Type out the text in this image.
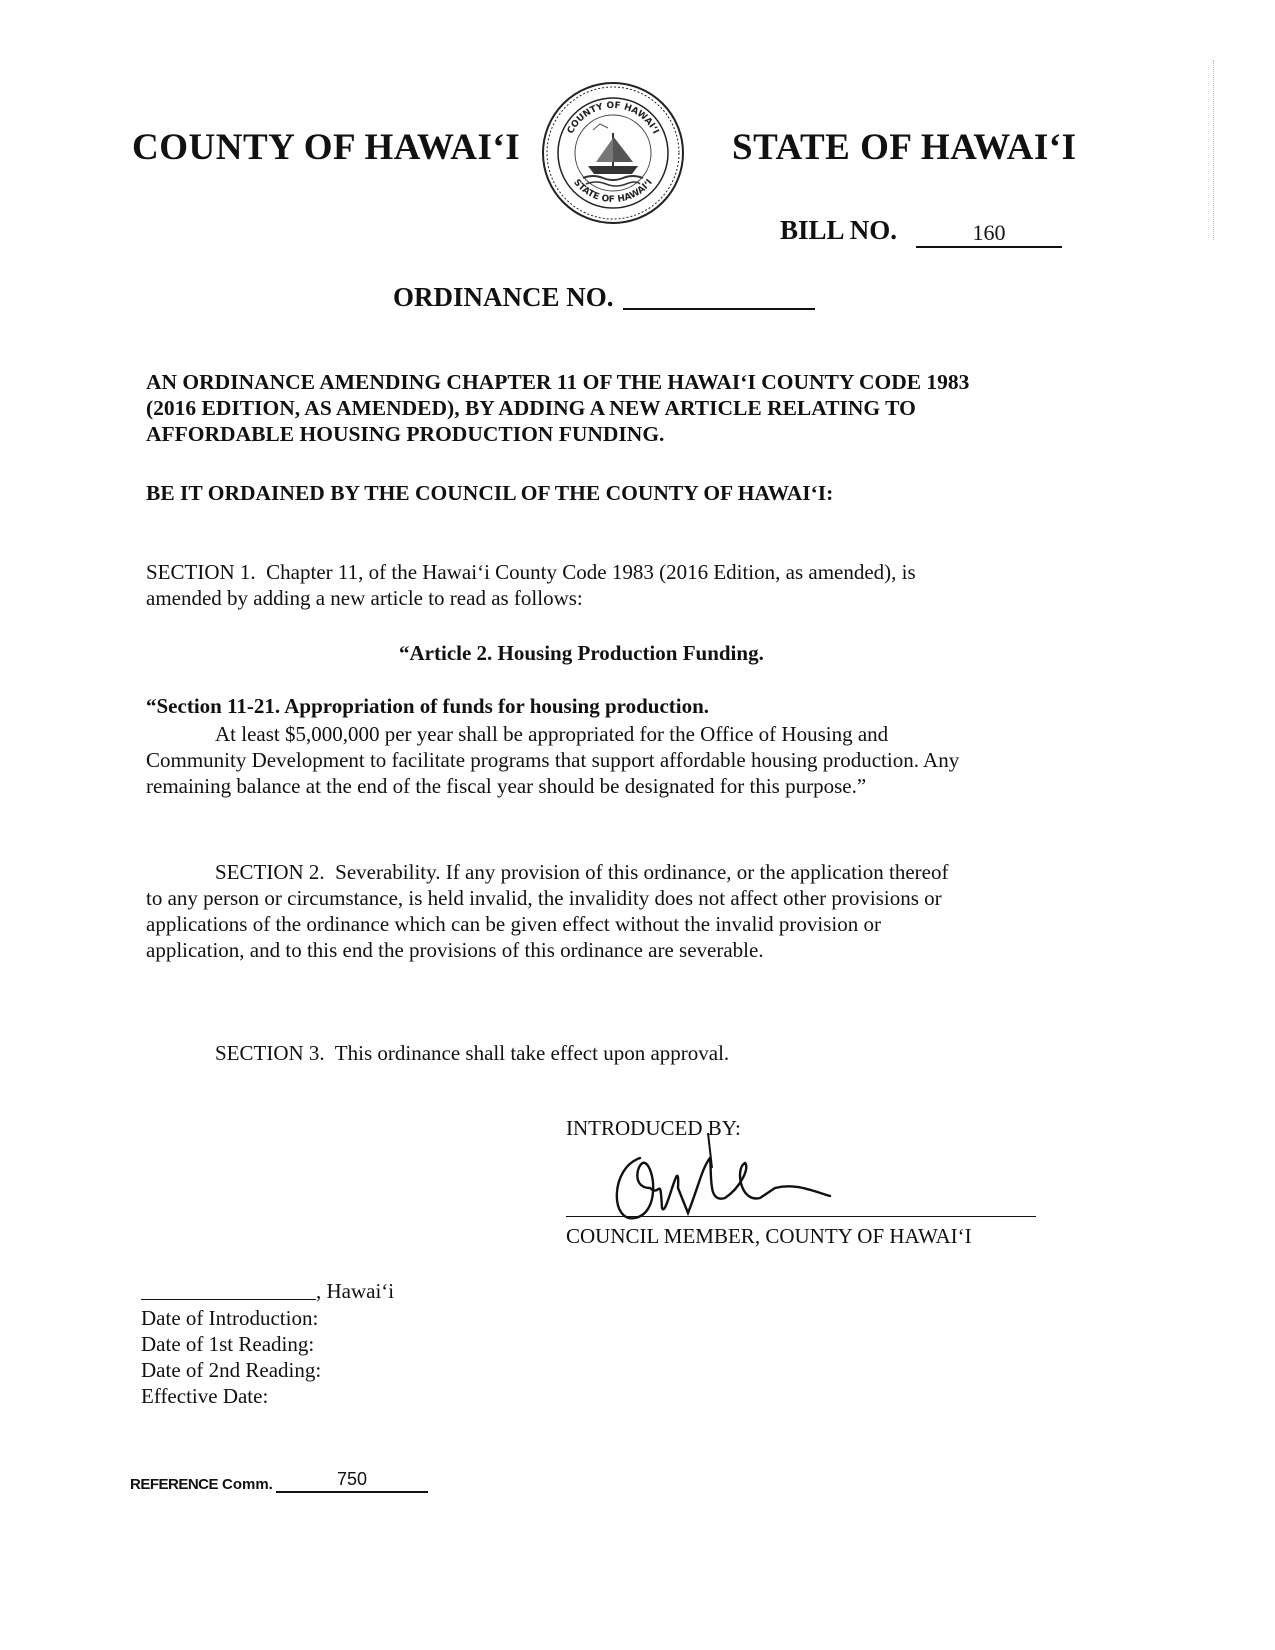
COUNTY OF HAWAIʻI	COUNTY OF HAWAIʻI
STATE OF HAWAIʻI
STATE OF HAWAIʻI
BILL NO.	160
ORDINANCE NO.
AN ORDINANCE AMENDING CHAPTER 11 OF THE HAWAIʻI COUNTY CODE 1983
(2016 EDITION, AS AMENDED), BY ADDING A NEW ARTICLE RELATING TO
AFFORDABLE HOUSING PRODUCTION FUNDING.
BE IT ORDAINED BY THE COUNCIL OF THE COUNTY OF HAWAIʻI:
SECTION 1. Chapter 11, of the Hawaiʻi County Code 1983 (2016 Edition, as amended), is
amended by adding a new article to read as follows:
“Article 2. Housing Production Funding.
“Section 11-21. Appropriation of funds for housing production.
At least $5,000,000 per year shall be appropriated for the Office of Housing and
Community Development to facilitate programs that support affordable housing production. Any
remaining balance at the end of the fiscal year should be designated for this purpose.”
SECTION 2. Severability. If any provision of this ordinance, or the application thereof
to any person or circumstance, is held invalid, the invalidity does not affect other provisions or
applications of the ordinance which can be given effect without the invalid provision or
application, and to this end the provisions of this ordinance are severable.
SECTION 3. This ordinance shall take effect upon approval.
INTRODUCED BY:
COUNCIL MEMBER, COUNTY OF HAWAIʻI
, Hawaiʻi
Date of Introduction:
Date of 1st Reading:
Date of 2nd Reading:
Effective Date:
REFERENCE Comm.	750
